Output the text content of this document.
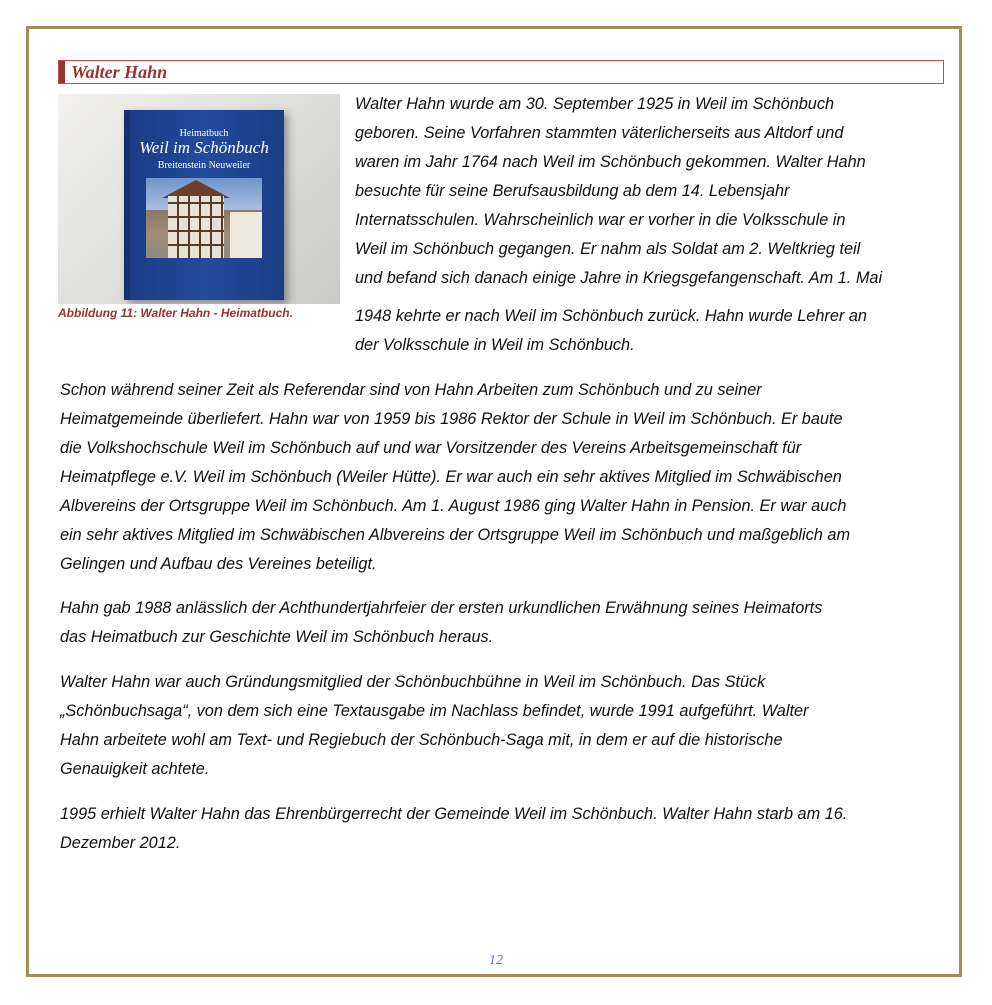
Walter Hahn
Heimatbuch
Weil im Schönbuch
Breitenstein Neuweiler
Abbildung 11: Walter Hahn - Heimatbuch.
Walter Hahn wurde am 30. September 1925 in Weil im Schönbuch
geboren. Seine Vorfahren stammten väterlicherseits aus Altdorf und
waren im Jahr 1764 nach Weil im Schönbuch gekommen. Walter Hahn
besuchte für seine Berufsausbildung ab dem 14. Lebensjahr
Internatsschulen. Wahrscheinlich war er vorher in die Volksschule in
Weil im Schönbuch gegangen. Er nahm als Soldat am 2. Weltkrieg teil
und befand sich danach einige Jahre in Kriegsgefangenschaft. Am 1. Mai
1948 kehrte er nach Weil im Schönbuch zurück. Hahn wurde Lehrer an
der Volksschule in Weil im Schönbuch.
Schon während seiner Zeit als Referendar sind von Hahn Arbeiten zum Schönbuch und zu seiner
Heimatgemeinde überliefert. Hahn war von 1959 bis 1986 Rektor der Schule in Weil im Schönbuch. Er baute
die Volkshochschule Weil im Schönbuch auf und war Vorsitzender des Vereins Arbeitsgemeinschaft für
Heimatpflege e.V. Weil im Schönbuch (Weiler Hütte). Er war auch ein sehr aktives Mitglied im Schwäbischen
Albvereins der Ortsgruppe Weil im Schönbuch. Am 1. August 1986 ging Walter Hahn in Pension. Er war auch
ein sehr aktives Mitglied im Schwäbischen Albvereins der Ortsgruppe Weil im Schönbuch und maßgeblich am
Gelingen und Aufbau des Vereines beteiligt.
Hahn gab 1988 anlässlich der Achthundertjahrfeier der ersten urkundlichen Erwähnung seines Heimatorts
das Heimatbuch zur Geschichte Weil im Schönbuch heraus.
Walter Hahn war auch Gründungsmitglied der Schönbuchbühne in Weil im Schönbuch. Das Stück
„Schönbuchsaga“, von dem sich eine Textausgabe im Nachlass befindet, wurde 1991 aufgeführt. Walter
Hahn arbeitete wohl am Text- und Regiebuch der Schönbuch-Saga mit, in dem er auf die historische
Genauigkeit achtete.
1995 erhielt Walter Hahn das Ehrenbürgerrecht der Gemeinde Weil im Schönbuch. Walter Hahn starb am 16.
Dezember 2012.
12
